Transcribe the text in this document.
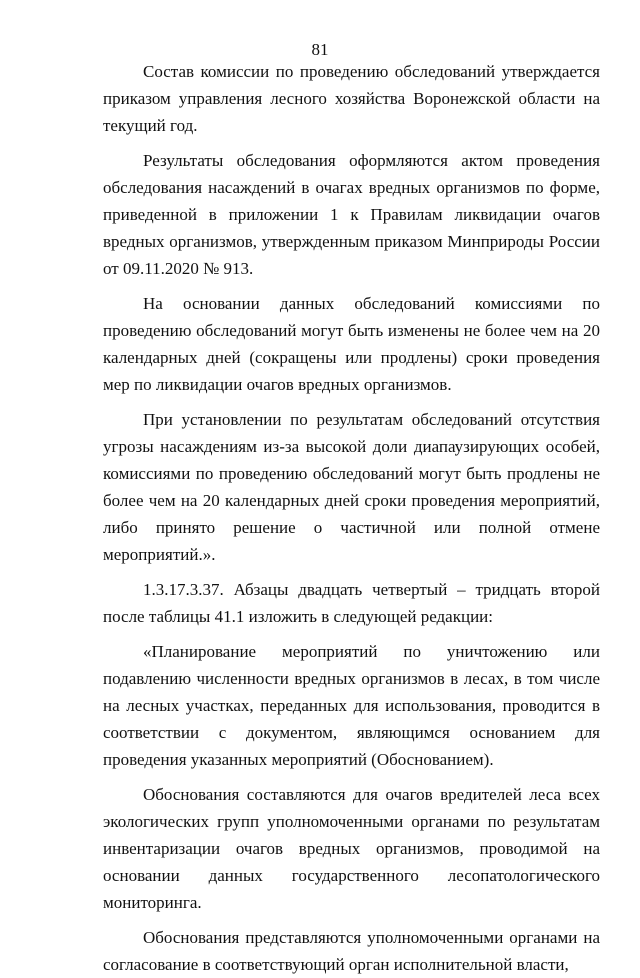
81

Состав комиссии по проведению обследований утверждается приказом управления лесного хозяйства Воронежской области на текущий год.

Результаты обследования оформляются актом проведения обследования насаждений в очагах вредных организмов по форме, приведенной в приложении 1 к Правилам ликвидации очагов вредных организмов, утвержденным приказом Минприроды России от 09.11.2020 № 913.

На основании данных обследований комиссиями по проведению обследований могут быть изменены не более чем на 20 календарных дней (сокращены или продлены) сроки проведения мер по ликвидации очагов вредных организмов.

При установлении по результатам обследований отсутствия угрозы насаждениям из-за высокой доли диапаузирующих особей, комиссиями по проведению обследований могут быть продлены не более чем на 20 календарных дней сроки проведения мероприятий, либо принято решение о частичной или полной отмене мероприятий.».

1.3.17.3.37. Абзацы двадцать четвертый – тридцать второй после таблицы 41.1 изложить в следующей редакции:

«Планирование мероприятий по уничтожению или подавлению численности вредных организмов в лесах, в том числе на лесных участках, переданных для использования, проводится в соответствии с документом, являющимся основанием для проведения указанных мероприятий (Обоснованием).

Обоснования составляются для очагов вредителей леса всех экологических групп уполномоченными органами по результатам инвентаризации очагов вредных организмов, проводимой на основании данных государственного лесопатологического мониторинга.

Обоснования представляются уполномоченными органами на согласование в соответствующий орган исполнительной власти,
